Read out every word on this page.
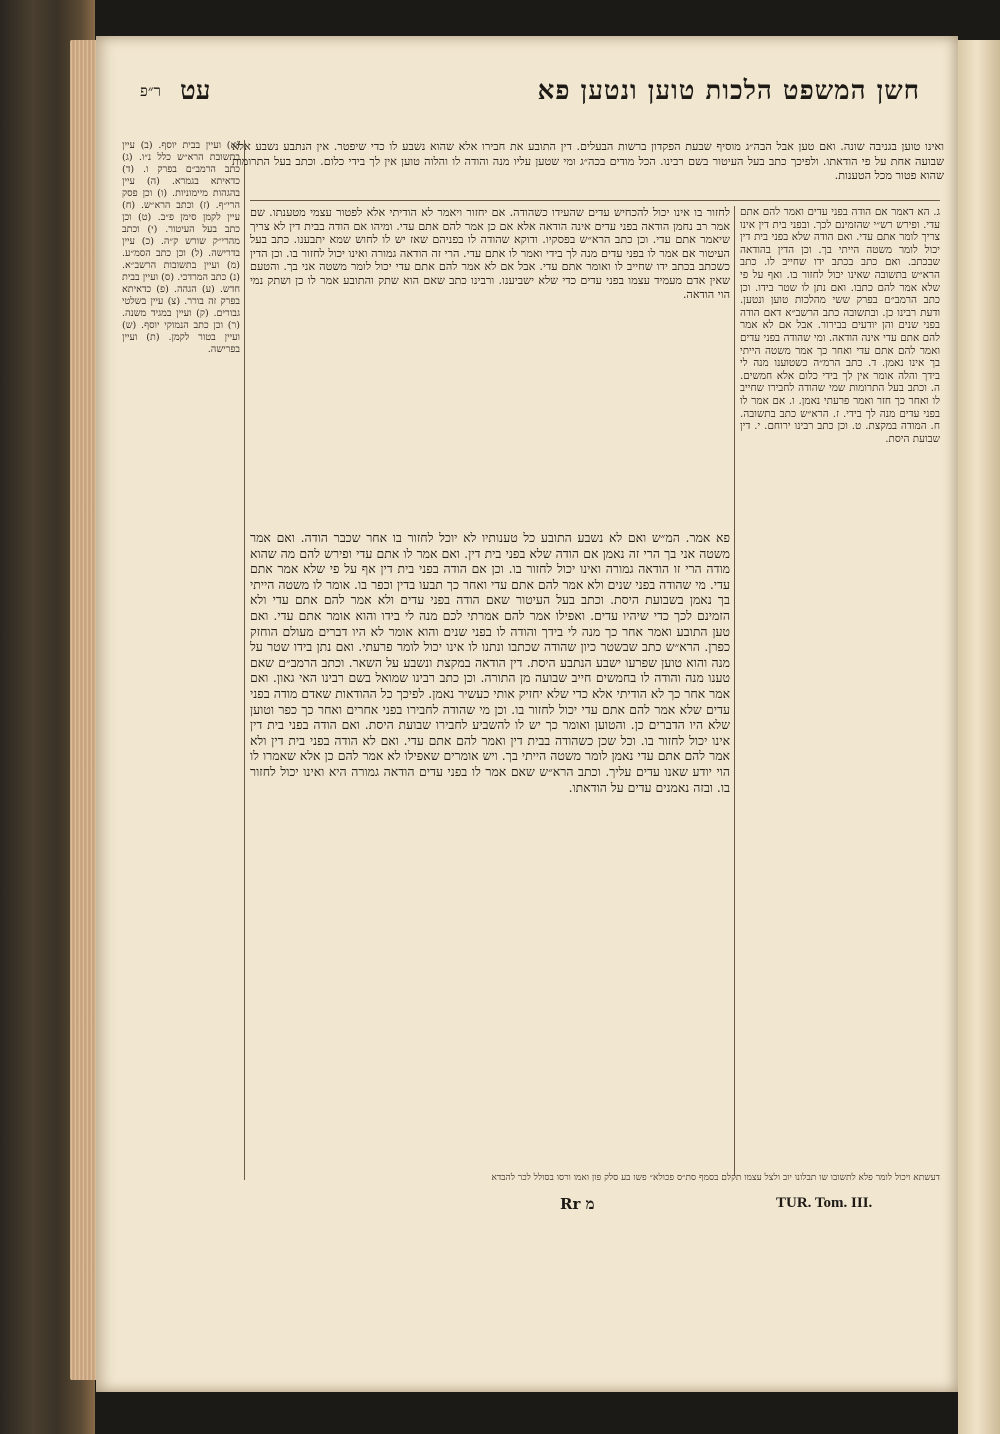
חשן המשפט הלכות טוען ונטען פא
עט
ר״פ

ואינו טוען בגניבה שונה. ואם טען אבל הבה״ג מוסיף שבעת הפקדון ברשות הבעלים. דין התובע את חבירו אלא שהוא נשבע לו כדי שיפטר. אין הנתבע נשבע אלא שבועה אחת על פי הודאתו. ולפיכך כתב בעל העיטור בשם רבינו. הכל מודים בכה״ג ומי שטען עליו מנה והודה לו והלוה טוען אין לך בידי כלום. וכתב בעל התרומות שהוא פטור מכל הטענות.

(א) ועיין בבית יוסף. (ב) עיין בתשובת הרא״ש כלל נ״ו. (ג) כתב הרמב״ם בפרק ו. (ד) כדאיתא בגמרא. (ה) עיין בהגהות מיימוניות. (ו) וכן פסק הרי״ף. (ז) וכתב הרא״ש. (ח) עיין לקמן סימן פ״ב. (ט) וכן כתב בעל העיטור. (י) וכתב מהרי״ק שורש ק״ה. (כ) עיין בדרישה. (ל) וכן כתב הסמ״ע. (מ) ועיין בתשובות הרשב״א. (נ) כתב המרדכי. (ס) ועיין בבית חדש. (ע) הגהה. (פ) כדאיתא בפרק זה בורר. (צ) עיין בשלטי גבורים. (ק) ועיין במגיד משנה. (ר) וכן כתב הנמוקי יוסף. (ש) ועיין בטור לקמן. (ת) ועיין בפרישה.
לחזור בו אינו יכול להכחיש עדים שהעידו כשהודה. אם יחזור ויאמר לא הודיתי אלא לפטור עצמי מטענתו. שם אמר רב נחמן הודאה בפני עדים אינה הודאה אלא אם כן אמר להם אתם עדי. ומיהו אם הודה בבית דין לא צריך שיאמר אתם עדי. וכן כתב הרא״ש בפסקיו. ודוקא שהודה לו בפניהם שאז יש לו לחוש שמא יתבענו. כתב בעל העיטור אם אמר לו בפני עדים מנה לך בידי ואמר לו אתם עדי. הרי זה הודאה גמורה ואינו יכול לחזור בו. וכן הדין כשכתב בכתב ידו שחייב לו ואומר אתם עדי. אבל אם לא אמר להם אתם עדי יכול לומר משטה אני בך. והטעם שאין אדם מעמיד עצמו בפני עדים כדי שלא ישביענו. ורבינו כתב שאם הוא שתק והתובע אמר לו כן ושתק נמי הוי הודאה.
ג. הא דאמר אם הודה בפני עדים ואמר להם אתם עדי. ופירש רש״י שהזמינם לכך. ובפני בית דין אינו צריך לומר אתם עדי. ואם הודה שלא בפני בית דין יכול לומר משטה הייתי בך. וכן הדין בהודאה שבכתב. ואם כתב בכתב ידו שחייב לו. כתב הרא״ש בתשובה שאינו יכול לחזור בו. ואף על פי שלא אמר להם כתבו. ואם נתן לו שטר בידו. וכן כתב הרמב״ם בפרק ששי מהלכות טוען ונטען. ודעת רבינו כן. ובתשובה כתב הרשב״א דאם הודה בפני שנים והן יודעים בבירור. אבל אם לא אמר להם אתם עדי אינה הודאה. ומי שהודה בפני עדים ואמר להם אתם עדי ואחר כך אמר משטה הייתי בך אינו נאמן. ד. כתב הרמ״ה כשטוענו מנה לי בידך והלה אומר אין לך בידי כלום אלא חמשים. ה. וכתב בעל התרומות שמי שהודה לחבירו שחייב לו ואחר כך חזר ואמר פרעתי נאמן. ו. אם אמר לו בפני עדים מנה לך בידי. ז. הרא״ש כתב בתשובה. ח. המודה במקצת. ט. וכן כתב רבינו ירוחם. י. דין שבועת היסת.
פא אמר. המ״ש ואם לא נשבע התובע כל טענותיו לא יוכל לחזור בו אחר שכבר הודה. ואם אמר משטה אני בך הרי זה נאמן אם הודה שלא בפני בית דין. ואם אמר לו אתם עדי ופירש להם מה שהוא מודה הרי זו הודאה גמורה ואינו יכול לחזור בו. וכן אם הודה בפני בית דין אף על פי שלא אמר אתם עדי. מי שהודה בפני שנים ולא אמר להם אתם עדי ואחר כך תבעו בדין וכפר בו. אומר לו משטה הייתי בך נאמן בשבועת היסת. וכתב בעל העיטור שאם הודה בפני עדים ולא אמר להם אתם עדי ולא הזמינם לכך כדי שיהיו עדים. ואפילו אמר להם אמרתי לכם מנה לי בידו והוא אומר אתם עדי. ואם טען התובע ואמר אחר כך מנה לי בידך והודה לו בפני שנים והוא אומר לא היו דברים מעולם הוחזק כפרן. הרא״ש כתב שבשטר כיון שהודה שכתבו ונתנו לו אינו יכול לומר פרעתי. ואם נתן בידו שטר על מנה והוא טוען שפרעו ישבע הנתבע היסת. דין הודאה במקצת ונשבע על השאר. וכתב הרמב״ם שאם טענו מנה והודה לו בחמשים חייב שבועה מן התורה. וכן כתב רבינו שמואל בשם רבינו האי גאון. ואם אמר אחר כך לא הודיתי אלא כדי שלא יחזיק אותי כעשיר נאמן. לפיכך כל ההודאות שאדם מודה בפני עדים שלא אמר להם אתם עדי יכול לחזור בו. וכן מי שהודה לחבירו בפני אחרים ואחר כך כפר וטוען שלא היו הדברים כן. והטוען ואומר כך יש לו להשביע לחבירו שבועת היסת. ואם הודה בפני בית דין אינו יכול לחזור בו. וכל שכן כשהודה בבית דין ואמר להם אתם עדי. ואם לא הודה בפני בית דין ולא אמר להם אתם עדי נאמן לומר משטה הייתי בך. ויש אומרים שאפילו לא אמר להם כן אלא שאמרו לו הוי יודע שאנו עדים עליך. וכתב הרא״ש שאם אמר לו בפני עדים הודאה גמורה היא ואינו יכול לחזור בו. ובזה נאמנים עדים על הודאתו.
דעשתא ויכול לומר פלא לתשובו שו תבלונו יוב ולצל עצמו תקלם בסמף סת״ס פכולא״ פשו בע סלק פון ואמו ורסו בסולל לכר להבדא
Rr מ	TUR. Tom. III.
